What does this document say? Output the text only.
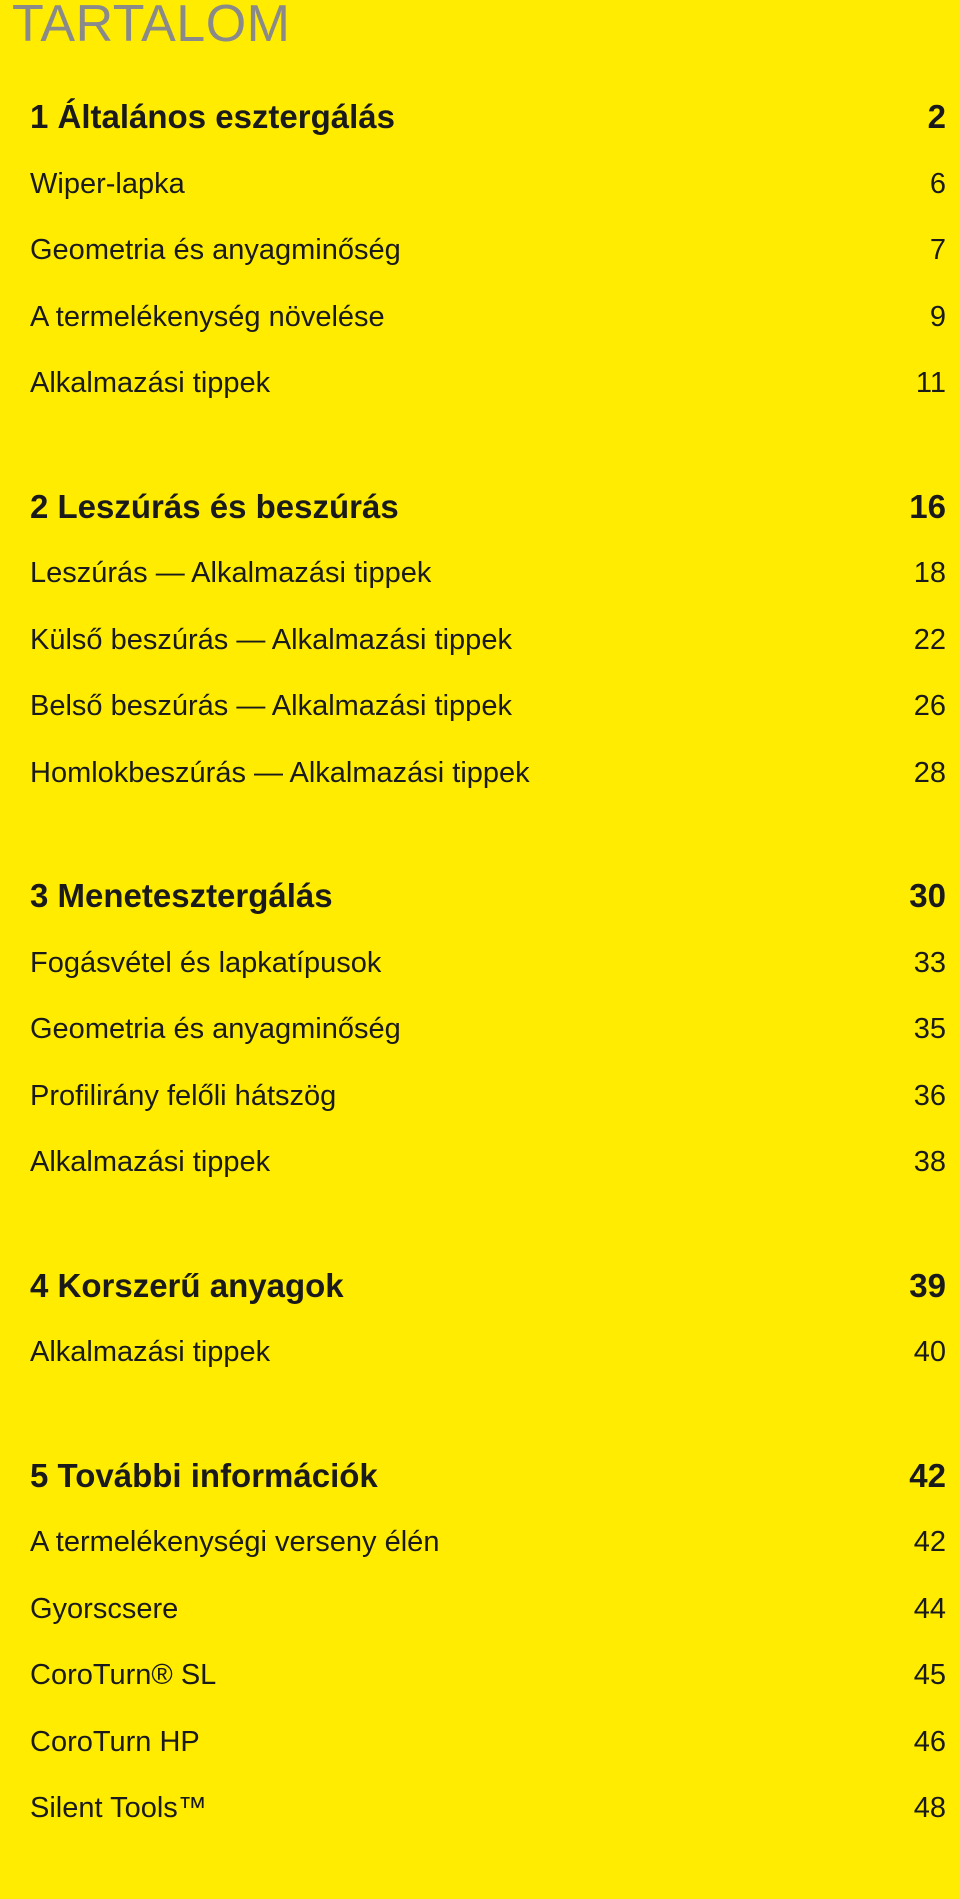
TARTALOM
1 Általános esztergálás	2
Wiper-lapka	6
Geometria és anyagminőség	7
A termelékenység növelése	9
Alkalmazási tippek	11
2 Leszúrás és beszúrás	16
Leszúrás — Alkalmazási tippek	18
Külső beszúrás — Alkalmazási tippek	22
Belső beszúrás — Alkalmazási tippek	26
Homlokbeszúrás — Alkalmazási tippek	28
3 Menetesztergálás	30
Fogásvétel és lapkatípusok	33
Geometria és anyagminőség	35
Profilirány felőli hátszög	36
Alkalmazási tippek	38
4 Korszerű anyagok	39
Alkalmazási tippek	40
5 További információk	42
A termelékenységi verseny élén	42
Gyorscsere	44
CoroTurn® SL	45
CoroTurn HP	46
Silent Tools™	48
